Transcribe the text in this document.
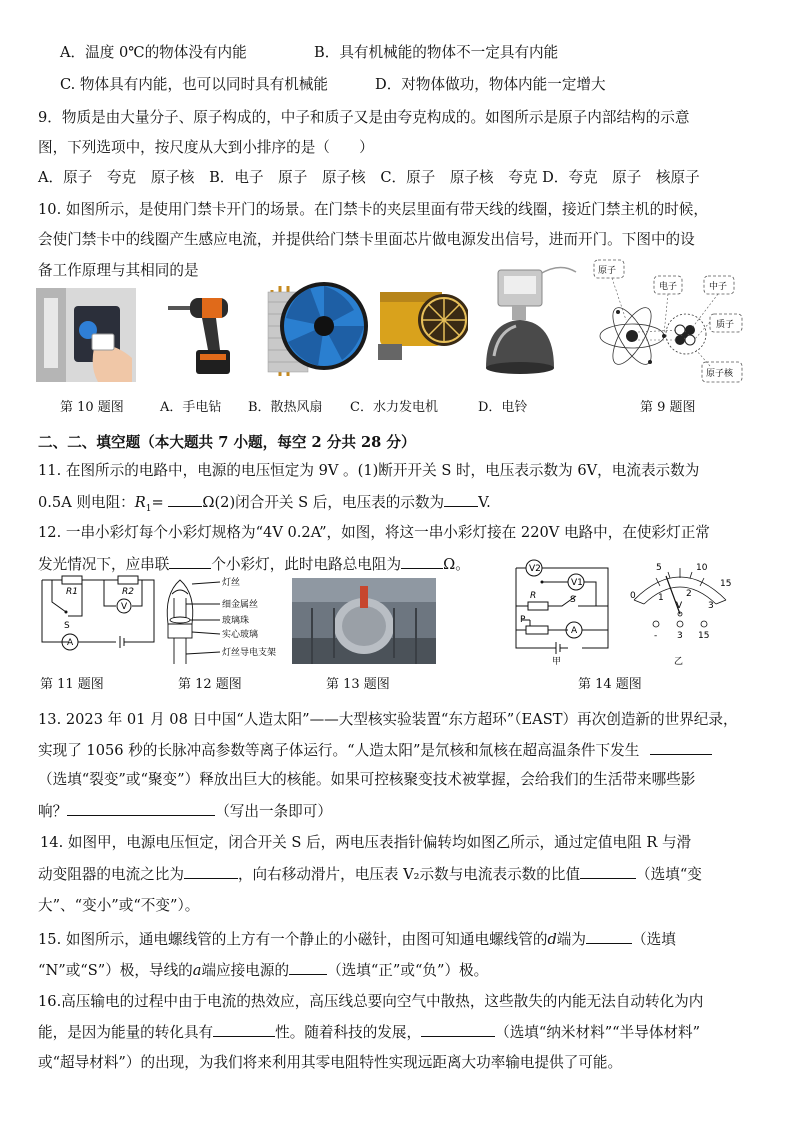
A．温度 0℃的物体没有内能	B．具有机械能的物体不一定具有内能
C. 物体具有内能，也可以同时具有机械能	D．对物体做功，物体内能一定增大
9．物质是由大量分子、原子构成的，中子和质子又是由夸克构成的。如图所示是原子内部结构的示意
图，下列选项中，按尺度从大到小排序的是（　　）
A．原子　夸克　原子核　B．电子　原子　原子核　C．原子　原子核　夸克 D．夸克　原子　核原子
10. 如图所示，是使用门禁卡开门的场景。在门禁卡的夹层里面有带天线的线圈，接近门禁主机的时候，
会使门禁卡中的线圈产生感应电流，并提供给门禁卡里面芯片做电源发出信号，进而开门。下图中的设
备工作原理与其相同的是	原子
电子	中子
质子
原子核
第 10 题图	A．手电钻 B．散热风扇 C．水力发电机	D．电铃	第 9 题图
二、二、填空题（本大题共 7 小题，每空 2 分共 28 分）
11. 在图所示的电路中，电源的电压恒定为 9V 。(1)断开开关 S 时，电压表示数为 6V，电流表示数为
0.5A 则电阻：$R_1=$	Ω(2)闭合开关 S 后，电压表的示数为 V.
12. 一串小彩灯每个小彩灯规格为“4V 0.2A”，如图，将这一串小彩灯接在 220V 电路中，在使彩灯正常
发光情况下，应串联	个小彩灯，此时电路总电阻为	Ω。
R1	R2
S
V
A
灯丝
细金属丝
玻璃珠
实心玻璃
灯丝导电支架
V2
V1
R	S
P
A
甲
0
5	10
15
1 2
3
V
- 3 15
乙
第 11 题图	第 12 题图	第 13 题图	第 14 题图
13. 2023 年 01 月 08 日中国“人造太阳”——大型核实验装置“东方超环”（EAST）再次创造新的世界纪录，
实现了 1056 秒的长脉冲高参数等离子体运行。“人造太阳”是氘核和氚核在超高温条件下发生
（选填“裂变”或“聚变”）释放出巨大的核能。如果可控核聚变技术被掌握，会给我们的生活带来哪些影
响？	（写出一条即可）
14. 如图甲，电源电压恒定，闭合开关 S 后，两电压表指针偏转均如图乙所示，通过定值电阻 R 与滑
动变阻器的电流之比为	，向右移动滑片，电压表 V₂示数与电流表示数的比值	（选填“变
大”、“变小”或“不变”）。
15. 如图所示，通电螺线管的上方有一个静止的小磁针，由图可知通电螺线管的d端为	（选填
“N”或“S”）极，导线的a端应接电源的	（选填“正”或“负”）极。
16.高压输电的过程中由于电流的热效应，高压线总要向空气中散热，这些散失的内能无法自动转化为内
能，是因为能量的转化具有	性。随着科技的发展，	（选填“纳米材料”“半导体材料”
或“超导材料”）的出现，为我们将来利用其零电阻特性实现远距离大功率输电提供了可能。
